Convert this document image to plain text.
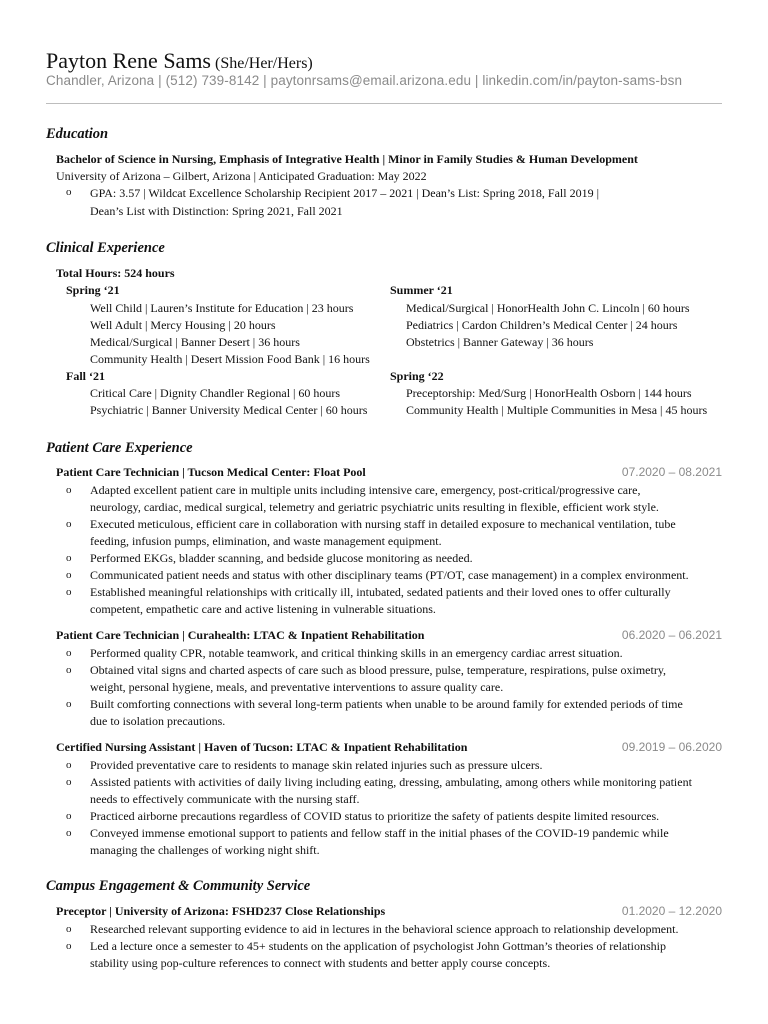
Payton Rene Sams (She/Her/Hers)
Chandler, Arizona | (512) 739-8142 | paytonrsams@email.arizona.edu | linkedin.com/in/payton-sams-bsn
Education
Bachelor of Science in Nursing, Emphasis of Integrative Health | Minor in Family Studies & Human Development
University of Arizona – Gilbert, Arizona | Anticipated Graduation: May 2022
o GPA: 3.57 | Wildcat Excellence Scholarship Recipient 2017 – 2021 | Dean’s List: Spring 2018, Fall 2019 |
Dean’s List with Distinction: Spring 2021, Fall 2021
Clinical Experience
Total Hours: 524 hours
Spring ‘21
Well Child | Lauren’s Institute for Education | 23 hours
Well Adult | Mercy Housing | 20 hours
Medical/Surgical | Banner Desert | 36 hours
Community Health | Desert Mission Food Bank | 16 hours
Fall ‘21
Critical Care | Dignity Chandler Regional | 60 hours
Psychiatric | Banner University Medical Center | 60 hours
Summer ‘21
Medical/Surgical | HonorHealth John C. Lincoln | 60 hours
Pediatrics | Cardon Children’s Medical Center | 24 hours
Obstetrics | Banner Gateway | 36 hours
Spring ‘22
Preceptorship: Med/Surg | HonorHealth Osborn | 144 hours
Community Health | Multiple Communities in Mesa | 45 hours
Patient Care Experience
Patient Care Technician | Tucson Medical Center: Float Pool	07.2020 – 08.2021
o Adapted excellent patient care in multiple units including intensive care, emergency, post-critical/progressive care,
neurology, cardiac, medical surgical, telemetry and geriatric psychiatric units resulting in flexible, efficient work style.
o Executed meticulous, efficient care in collaboration with nursing staff in detailed exposure to mechanical ventilation, tube
feeding, infusion pumps, elimination, and waste management equipment.
o Performed EKGs, bladder scanning, and bedside glucose monitoring as needed.
o Communicated patient needs and status with other disciplinary teams (PT/OT, case management) in a complex environment.
o Established meaningful relationships with critically ill, intubated, sedated patients and their loved ones to offer culturally
competent, empathetic care and active listening in vulnerable situations.
Patient Care Technician | Curahealth: LTAC & Inpatient Rehabilitation	06.2020 – 06.2021
o Performed quality CPR, notable teamwork, and critical thinking skills in an emergency cardiac arrest situation.
o Obtained vital signs and charted aspects of care such as blood pressure, pulse, temperature, respirations, pulse oximetry,
weight, personal hygiene, meals, and preventative interventions to assure quality care.
o Built comforting connections with several long-term patients when unable to be around family for extended periods of time
due to isolation precautions.
Certified Nursing Assistant | Haven of Tucson: LTAC & Inpatient Rehabilitation	09.2019 – 06.2020
o Provided preventative care to residents to manage skin related injuries such as pressure ulcers.
o Assisted patients with activities of daily living including eating, dressing, ambulating, among others while monitoring patient
needs to effectively communicate with the nursing staff.
o Practiced airborne precautions regardless of COVID status to prioritize the safety of patients despite limited resources.
o Conveyed immense emotional support to patients and fellow staff in the initial phases of the COVID-19 pandemic while
managing the challenges of working night shift.
Campus Engagement & Community Service
Preceptor | University of Arizona: FSHD237 Close Relationships	01.2020 – 12.2020
o Researched relevant supporting evidence to aid in lectures in the behavioral science approach to relationship development.
o Led a lecture once a semester to 45+ students on the application of psychologist John Gottman’s theories of relationship
stability using pop-culture references to connect with students and better apply course concepts.
